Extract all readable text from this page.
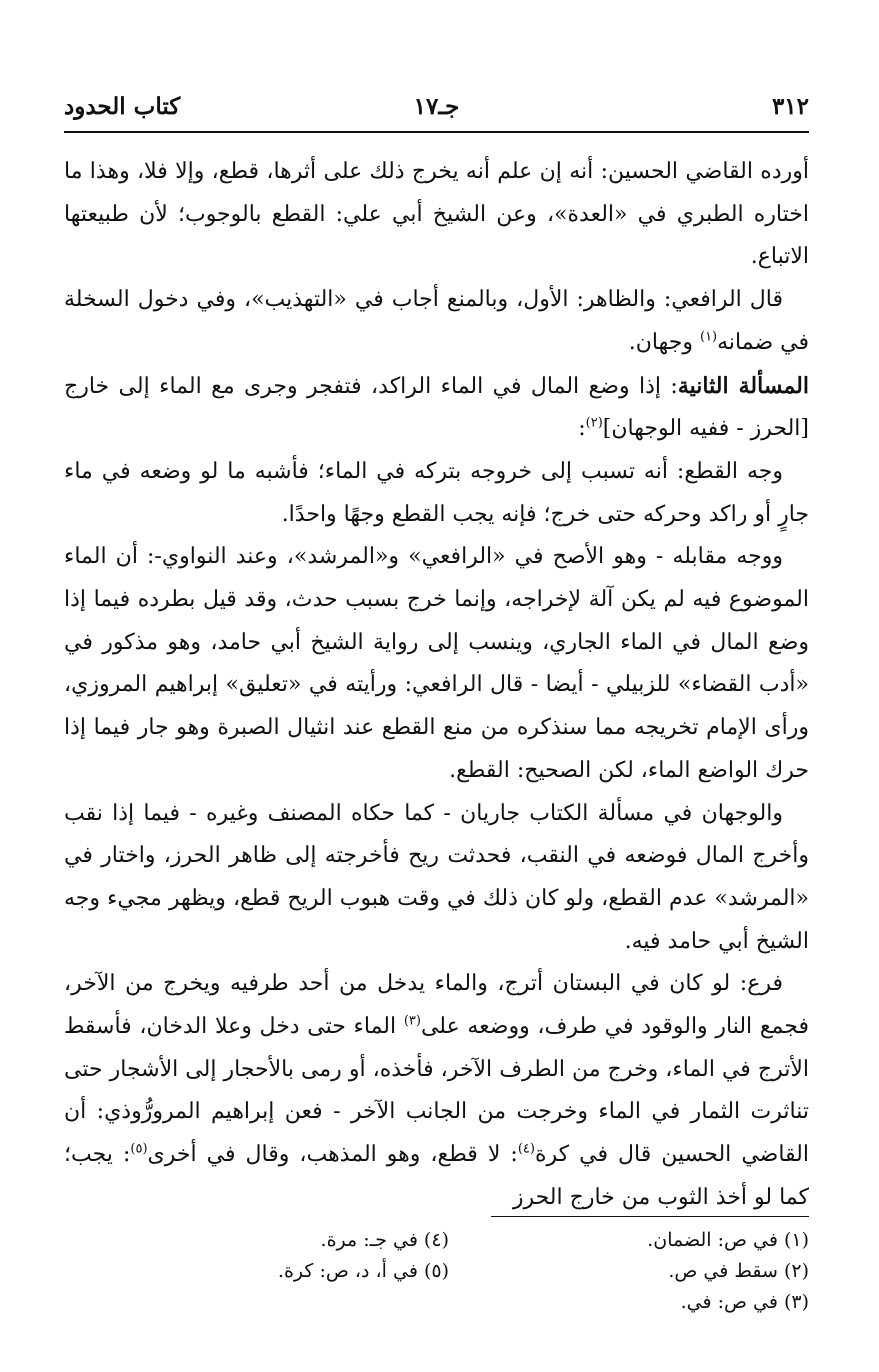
٣١٢
جـ١٧
كتاب الحدود

أورده القاضي الحسين: أنه إن علم أنه يخرج ذلك على أثرها، قطع، وإلا فلا، وهذا ما اختاره الطبري في «العدة»، وعن الشيخ أبي علي: القطع بالوجوب؛ لأن طبيعتها الاتباع.

قال الرافعي: والظاهر: الأول، وبالمنع أجاب في «التهذيب»، وفي دخول السخلة في ضمانه$^{(١)}$ وجهان.

المسألة الثانية: إذا وضع المال في الماء الراكد، فتفجر وجرى مع الماء إلى خارج [الحرز - ففيه الوجهان]$^{(٢)}$:

وجه القطع: أنه تسبب إلى خروجه بتركه في الماء؛ فأشبه ما لو وضعه في ماء جارٍ أو راكد وحركه حتى خرج؛ فإنه يجب القطع وجهًا واحدًا.

ووجه مقابله - وهو الأصح في «الرافعي» و«المرشد»، وعند النواوي-: أن الماء الموضوع فيه لم يكن آلة لإخراجه، وإنما خرج بسبب حدث، وقد قيل بطرده فيما إذا وضع المال في الماء الجاري، وينسب إلى رواية الشيخ أبي حامد، وهو مذكور في «أدب القضاء» للزبيلي - أيضا - قال الرافعي: ورأيته في «تعليق» إبراهيم المروزي، ورأى الإمام تخريجه مما سنذكره من منع القطع عند انثيال الصبرة وهو جار فيما إذا حرك الواضع الماء، لكن الصحيح: القطع.

والوجهان في مسألة الكتاب جاريان - كما حكاه المصنف وغيره - فيما إذا نقب وأخرج المال فوضعه في النقب، فحدثت ريح فأخرجته إلى ظاهر الحرز، واختار في «المرشد» عدم القطع، ولو كان ذلك في وقت هبوب الريح قطع، ويظهر مجيء وجه الشيخ أبي حامد فيه.

فرع: لو كان في البستان أترج، والماء يدخل من أحد طرفيه ويخرج من الآخر، فجمع النار والوقود في طرف، ووضعه على$^{(٣)}$ الماء حتى دخل وعلا الدخان، فأسقط الأترج في الماء، وخرج من الطرف الآخر، فأخذه، أو رمى بالأحجار إلى الأشجار حتى تناثرت الثمار في الماء وخرجت من الجانب الآخر - فعن إبراهيم المرورُّوذي: أن القاضي الحسين قال في كرة$^{(٤)}$: لا قطع، وهو المذهب، وقال في أخرى$^{(٥)}$: يجب؛ كما لو أخذ الثوب من خارج الحرز

(١) في ص: الضمان.
(٢) سقط في ص.
(٣) في ص: في.
(٤) في جـ: مرة.
(٥) في أ، د، ص: كرة.
